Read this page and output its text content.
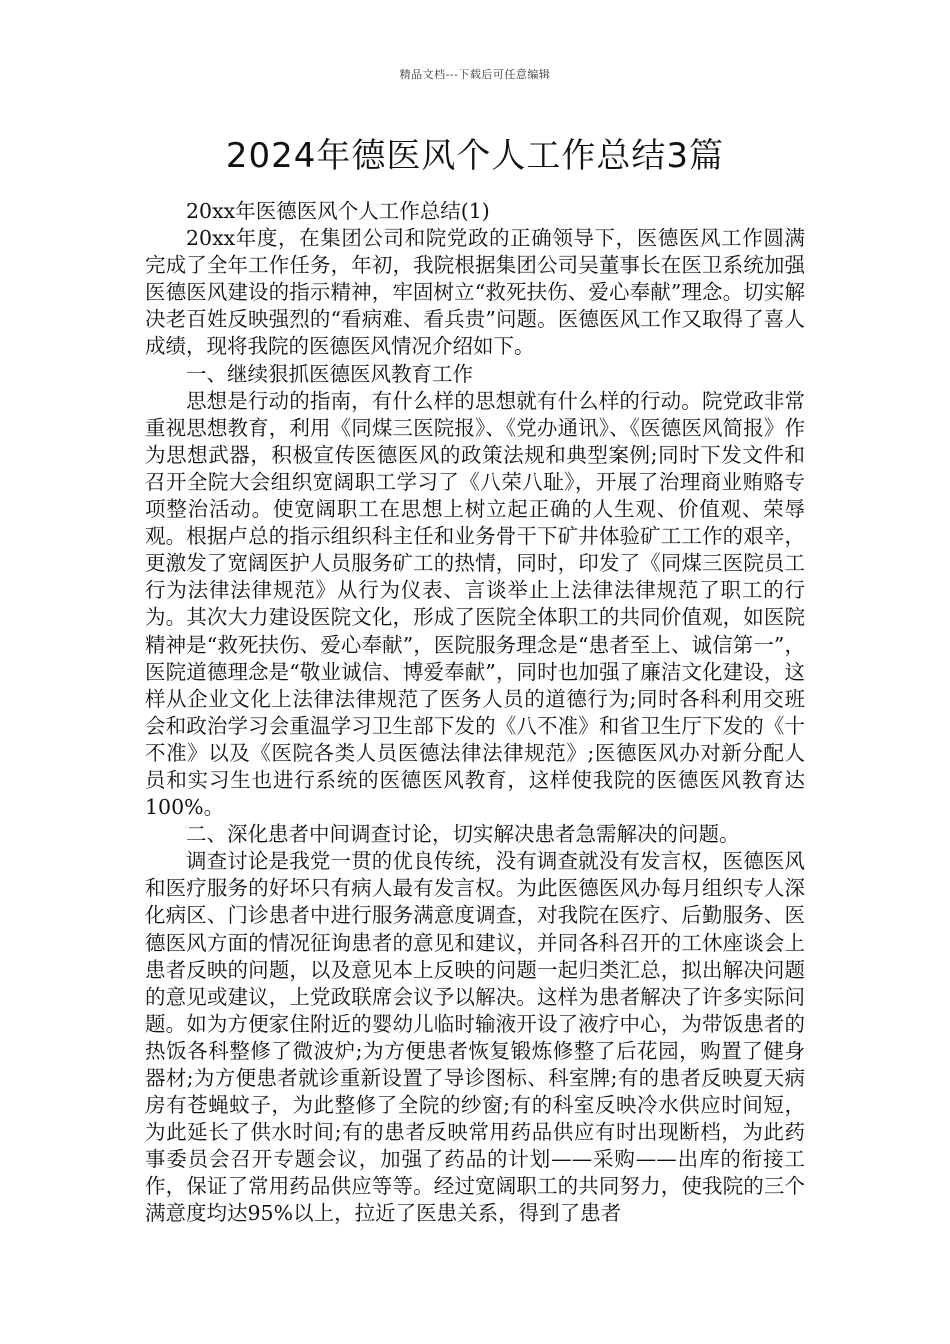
精品文档---下载后可任意编辑
2024年德医风个人工作总结3篇

20xx年医德医风个人工作总结(1)

20xx年度，在集团公司和院党政的正确领导下，医德医风工作圆满完成了全年工作任务，年初，我院根据集团公司吴董事长在医卫系统加强医德医风建设的指示精神，牢固树立“救死扶伤、爱心奉献”理念。切实解决老百姓反映强烈的“看病难、看兵贵”问题。医德医风工作又取得了喜人成绩，现将我院的医德医风情况介绍如下。

一、继续狠抓医德医风教育工作

思想是行动的指南，有什么样的思想就有什么样的行动。院党政非常重视思想教育，利用《同煤三医院报》、《党办通讯》、《医德医风简报》作为思想武器，积极宣传医德医风的政策法规和典型案例;同时下发文件和召开全院大会组织宽阔职工学习了《八荣八耻》，开展了治理商业贿赂专项整治活动。使宽阔职工在思想上树立起正确的人生观、价值观、荣辱观。根据卢总的指示组织科主任和业务骨干下矿井体验矿工工作的艰辛，更激发了宽阔医护人员服务矿工的热情，同时，印发了《同煤三医院员工行为法律法律规范》从行为仪表、言谈举止上法律法律规范了职工的行为。其次大力建设医院文化，形成了医院全体职工的共同价值观，如医院精神是“救死扶伤、爱心奉献”，医院服务理念是“患者至上、诚信第一”，医院道德理念是“敬业诚信、博爱奉献”，同时也加强了廉洁文化建设，这样从企业文化上法律法律规范了医务人员的道德行为;同时各科利用交班会和政治学习会重温学习卫生部下发的《八不准》和省卫生厅下发的《十不准》以及《医院各类人员医德法律法律规范》;医德医风办对新分配人员和实习生也进行系统的医德医风教育，这样使我院的医德医风教育达100%。

二、深化患者中间调查讨论，切实解决患者急需解决的问题。

调查讨论是我党一贯的优良传统，没有调查就没有发言权，医德医风和医疗服务的好坏只有病人最有发言权。为此医德医风办每月组织专人深化病区、门诊患者中进行服务满意度调查，对我院在医疗、后勤服务、医德医风方面的情况征询患者的意见和建议，并同各科召开的工休座谈会上患者反映的问题，以及意见本上反映的问题一起归类汇总，拟出解决问题的意见或建议，上党政联席会议予以解决。这样为患者解决了许多实际问题。如为方便家住附近的婴幼儿临时输液开设了液疗中心，为带饭患者的热饭各科整修了微波炉;为方便患者恢复锻炼修整了后花园，购置了健身器材;为方便患者就诊重新设置了导诊图标、科室牌;有的患者反映夏天病房有苍蝇蚊子，为此整修了全院的纱窗;有的科室反映冷水供应时间短，为此延长了供水时间;有的患者反映常用药品供应有时出现断档，为此药事委员会召开专题会议，加强了药品的计划——采购——出库的衔接工作，保证了常用药品供应等等。经过宽阔职工的共同努力，使我院的三个满意度均达95%以上，拉近了医患关系，得到了患者
